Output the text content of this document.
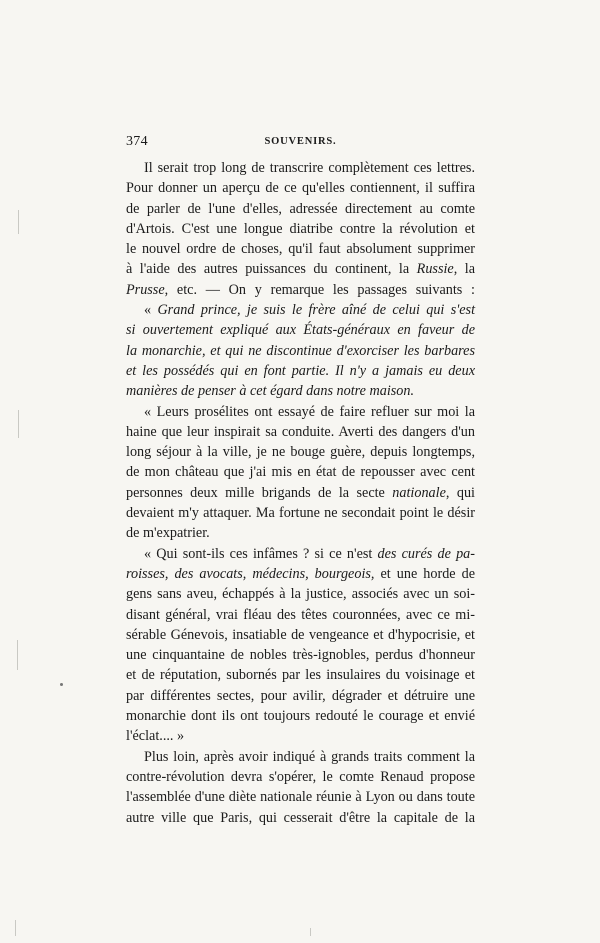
374	SOUVENIRS.
Il serait trop long de transcrire complètement ces lettres.
Pour donner un aperçu de ce qu'elles contiennent, il suffira
de parler de l'une d'elles, adressée directement au comte
d'Artois. C'est une longue diatribe contre la révolution et
le nouvel ordre de choses, qu'il faut absolument supprimer
à l'aide des autres puissances du continent, la Russie, la
Prusse, etc. — On y remarque les passages suivants :
« Grand prince, je suis le frère aîné de celui qui s'est
si ouvertement expliqué aux États-généraux en faveur de
la monarchie, et qui ne discontinue d'exorciser les barbares
et les possédés qui en font partie. Il n'y a jamais eu deux
manières de penser à cet égard dans notre maison.
« Leurs prosélites ont essayé de faire refluer sur moi la
haine que leur inspirait sa conduite. Averti des dangers d'un
long séjour à la ville, je ne bouge guère, depuis longtemps,
de mon château que j'ai mis en état de repousser avec cent
personnes deux mille brigands de la secte nationale, qui
devaient m'y attaquer. Ma fortune ne secondait point le désir
de m'expatrier.
« Qui sont-ils ces infâmes ? si ce n'est des curés de pa-
roisses, des avocats, médecins, bourgeois, et une horde de
gens sans aveu, échappés à la justice, associés avec un soi-
disant général, vrai fléau des têtes couronnées, avec ce mi-
sérable Génevois, insatiable de vengeance et d'hypocrisie, et
une cinquantaine de nobles très-ignobles, perdus d'honneur
et de réputation, subornés par les insulaires du voisinage et
par différentes sectes, pour avilir, dégrader et détruire une
monarchie dont ils ont toujours redouté le courage et envié
l'éclat.... »
Plus loin, après avoir indiqué à grands traits comment la
contre-révolution devra s'opérer, le comte Renaud propose
l'assemblée d'une diète nationale réunie à Lyon ou dans toute
autre ville que Paris, qui cesserait d'être la capitale de la
